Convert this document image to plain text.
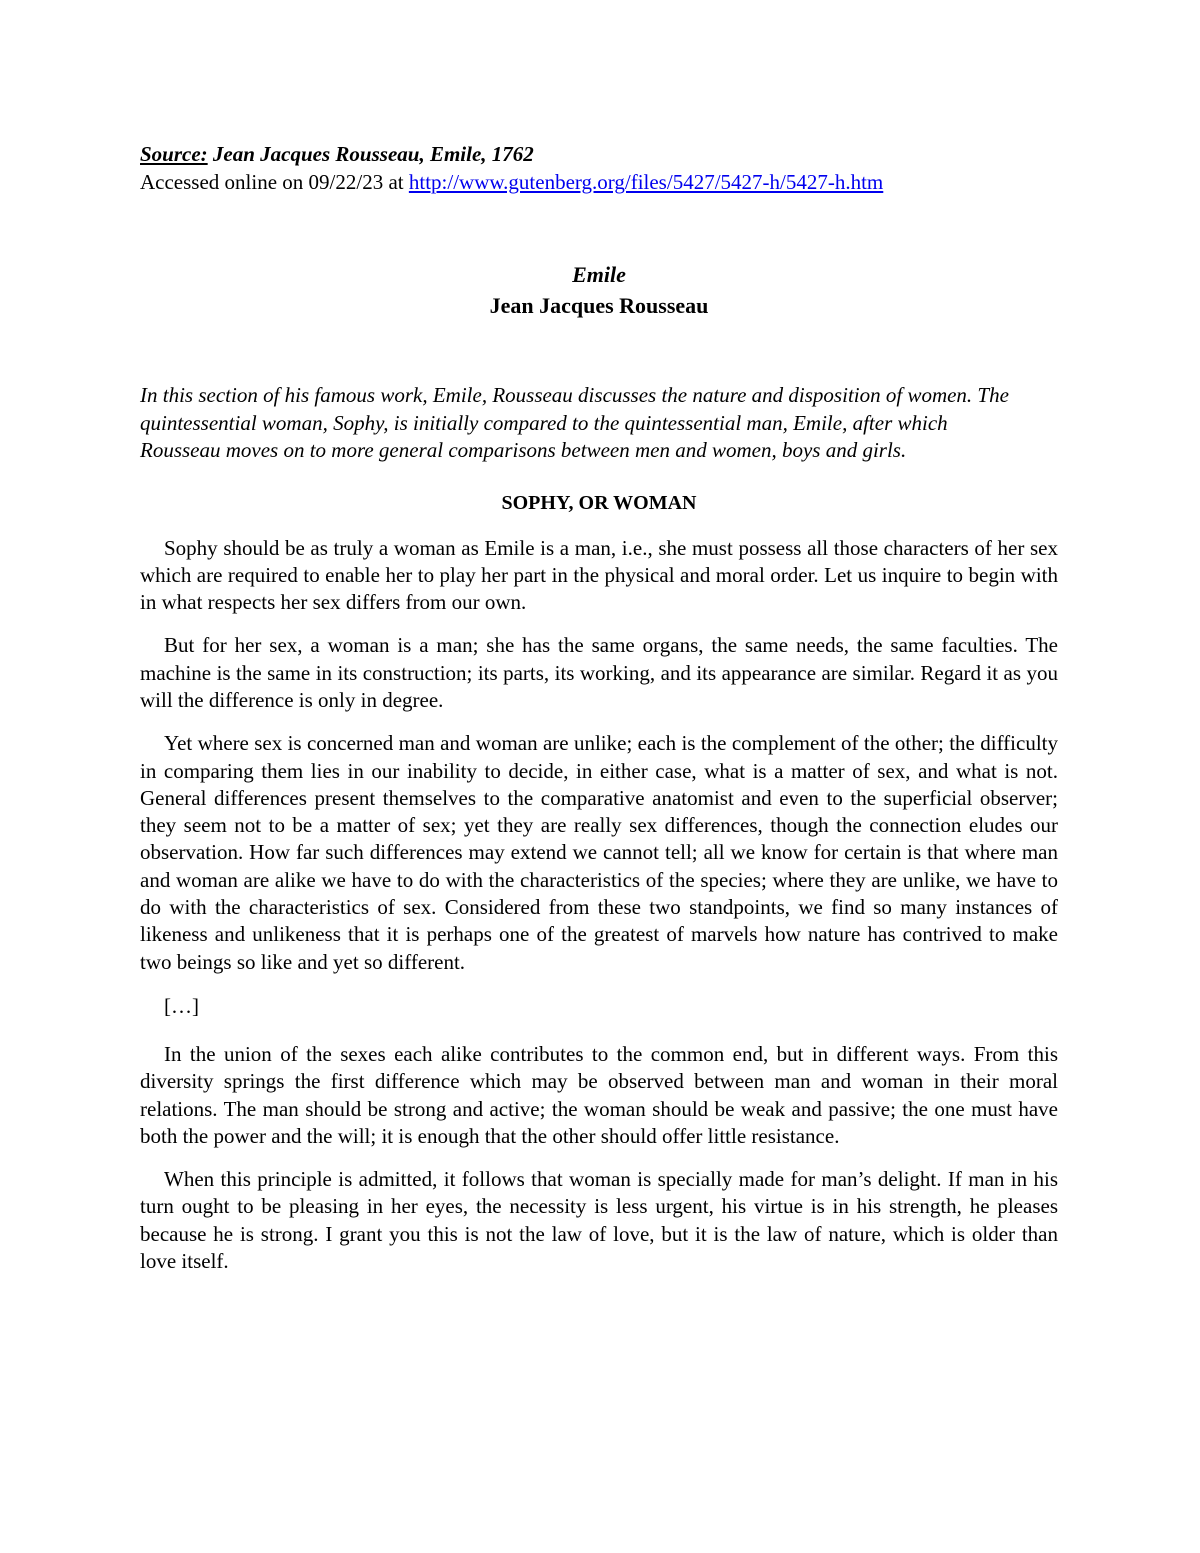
Source: Jean Jacques Rousseau, Emile, 1762

Accessed online on 09/22/23 at http://www.gutenberg.org/files/5427/5427-h/5427-h.htm

Emile

Jean Jacques Rousseau

In this section of his famous work, Emile, Rousseau discusses the nature and disposition of women. The quintessential woman, Sophy, is initially compared to the quintessential man, Emile, after which Rousseau moves on to more general comparisons between men and women, boys and girls.

SOPHY, OR WOMAN

Sophy should be as truly a woman as Emile is a man, i.e., she must possess all those characters of her sex which are required to enable her to play her part in the physical and moral order. Let us inquire to begin with in what respects her sex differs from our own.

But for her sex, a woman is a man; she has the same organs, the same needs, the same faculties. The machine is the same in its construction; its parts, its working, and its appearance are similar. Regard it as you will the difference is only in degree.

Yet where sex is concerned man and woman are unlike; each is the complement of the other; the difficulty in comparing them lies in our inability to decide, in either case, what is a matter of sex, and what is not. General differences present themselves to the comparative anatomist and even to the superficial observer; they seem not to be a matter of sex; yet they are really sex differences, though the connection eludes our observation. How far such differences may extend we cannot tell; all we know for certain is that where man and woman are alike we have to do with the characteristics of the species; where they are unlike, we have to do with the characteristics of sex. Considered from these two standpoints, we find so many instances of likeness and unlikeness that it is perhaps one of the greatest of marvels how nature has contrived to make two beings so like and yet so different.

[…]

In the union of the sexes each alike contributes to the common end, but in different ways. From this diversity springs the first difference which may be observed between man and woman in their moral relations. The man should be strong and active; the woman should be weak and passive; the one must have both the power and the will; it is enough that the other should offer little resistance.

When this principle is admitted, it follows that woman is specially made for man’s delight. If man in his turn ought to be pleasing in her eyes, the necessity is less urgent, his virtue is in his strength, he pleases because he is strong. I grant you this is not the law of love, but it is the law of nature, which is older than love itself.
